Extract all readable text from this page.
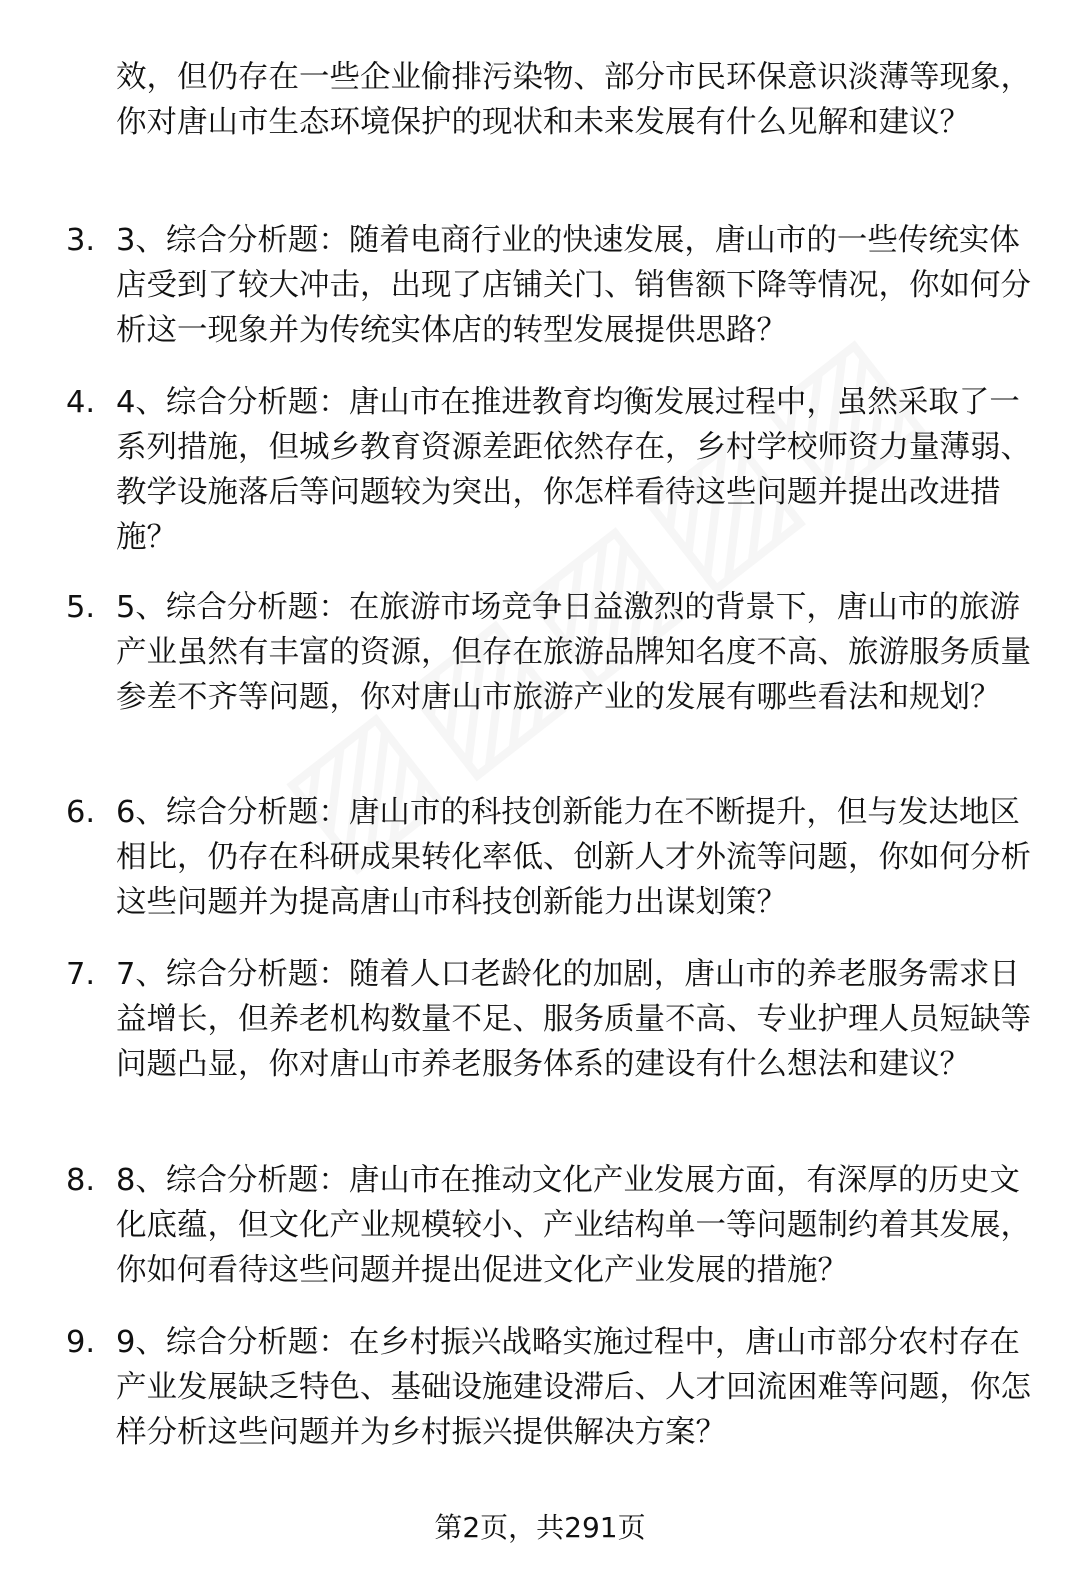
效，但仍存在一些企业偷排污染物、部分市民环保意识淡薄等现象，你对唐山市生态环境保护的现状和未来发展有什么见解和建议？
3. 3、综合分析题：随着电商行业的快速发展，唐山市的一些传统实体店受到了较大冲击，出现了店铺关门、销售额下降等情况，你如何分析这一现象并为传统实体店的转型发展提供思路？
4. 4、综合分析题：唐山市在推进教育均衡发展过程中，虽然采取了一系列措施，但城乡教育资源差距依然存在，乡村学校师资力量薄弱、教学设施落后等问题较为突出，你怎样看待这些问题并提出改进措施？
5. 5、综合分析题：在旅游市场竞争日益激烈的背景下，唐山市的旅游产业虽然有丰富的资源，但存在旅游品牌知名度不高、旅游服务质量参差不齐等问题，你对唐山市旅游产业的发展有哪些看法和规划？
6. 6、综合分析题：唐山市的科技创新能力在不断提升，但与发达地区相比，仍存在科研成果转化率低、创新人才外流等问题，你如何分析这些问题并为提高唐山市科技创新能力出谋划策？
7. 7、综合分析题：随着人口老龄化的加剧，唐山市的养老服务需求日益增长，但养老机构数量不足、服务质量不高、专业护理人员短缺等问题凸显，你对唐山市养老服务体系的建设有什么想法和建议？
8. 8、综合分析题：唐山市在推动文化产业发展方面，有深厚的历史文化底蕴，但文化产业规模较小、产业结构单一等问题制约着其发展，你如何看待这些问题并提出促进文化产业发展的措施？
9. 9、综合分析题：在乡村振兴战略实施过程中，唐山市部分农村存在产业发展缺乏特色、基础设施建设滞后、人才回流困难等问题，你怎样分析这些问题并为乡村振兴提供解决方案？
第2页，共291页
